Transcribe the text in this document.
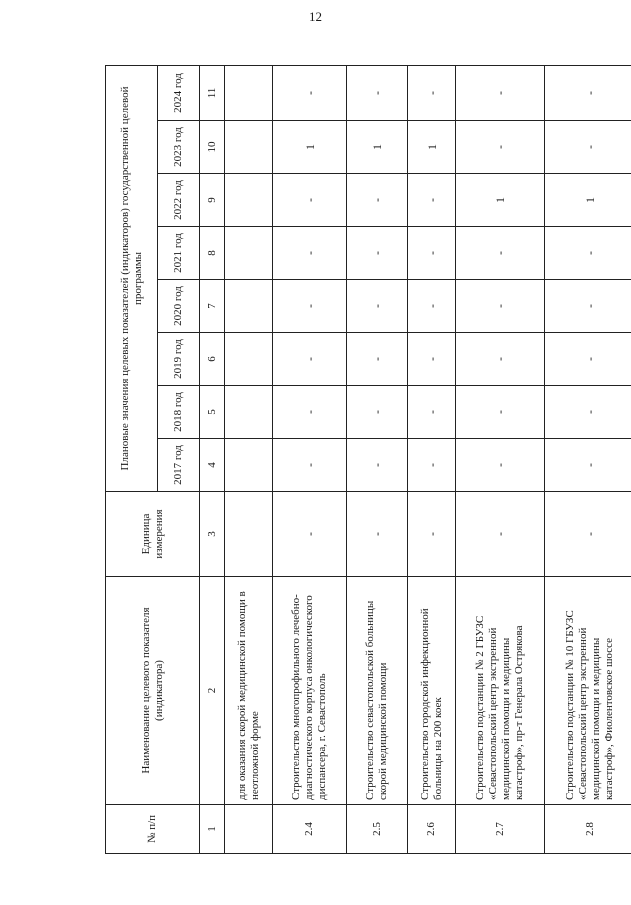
12
№ п/п	Наименование целевого показателя (индикатора)	Единица измерения	Плановые значения целевых показателей (индикаторов) государственной целевой программы							
			2017 год	2018 год	2019 год	2020 год	2021 год	2022 год	2023 год	2024 год
1	2	3	4	5	6	7	8	9	10	11
	для оказания скорой медицинской помощи в неотложной форме									
2.4	Строительство многопрофильного лечебно-диагностического корпуса онкологического диспансера, г. Севастополь	-	-	-	-	-	-	-	1	-
2.5	Строительство севастопольской больницы скорой медицинской помощи	-	-	-	-	-	-	-	1	-
2.6	Строительство городской инфекционной больницы на 200 коек	-	-	-	-	-	-	-	1	-
2.7	Строительство подстанции № 2 ГБУЗС «Севастопольский центр экстренной медицинской помощи и медицины катастроф», пр-т Генерала Острякова	-	-	-	-	-	-	1	-	-
2.8	Строительство подстанции № 10 ГБУЗС «Севастопольский центр экстренной медицинской помощи и медицины катастроф», Фиолентовское шоссе	-	-	-	-	-	-	1	-	-
